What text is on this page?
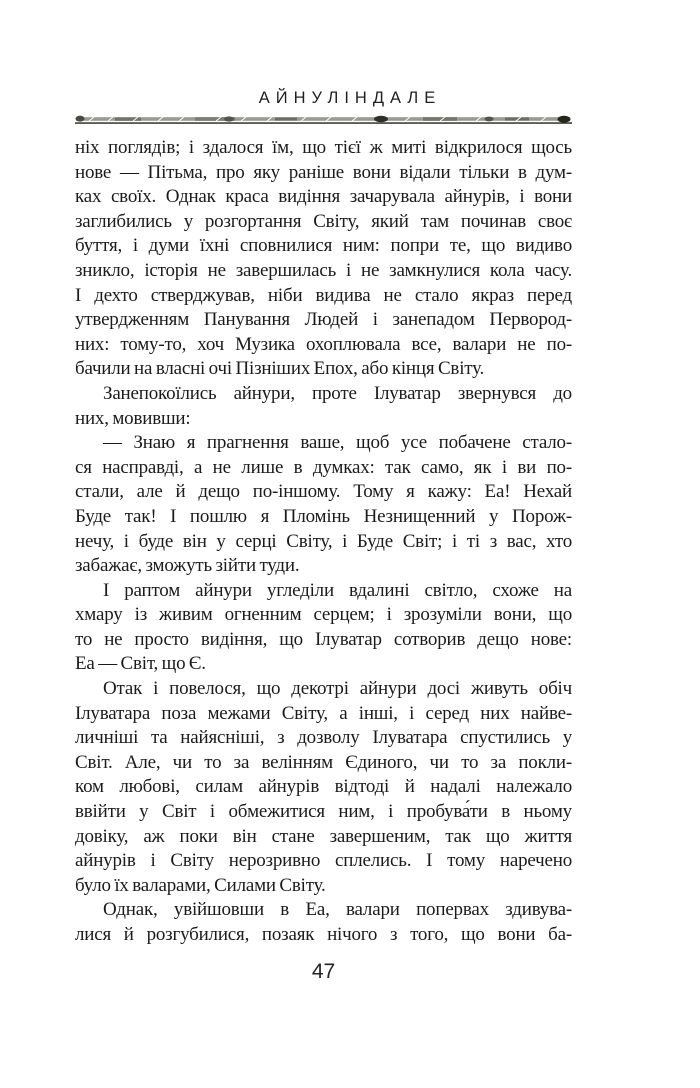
АЙНУЛІНДАЛЕ
ніх поглядів; і здалося їм, що тієї ж миті відкрилося щось
нове — Пітьма, про яку раніше вони відали тільки в дум-
ках своїх. Однак краса видіння зачарувала айнурів, і вони
заглибились у розгортання Світу, який там починав своє
буття, і думи їхні сповнилися ним: попри те, що видиво
зникло, історія не завершилась і не замкнулися кола часу.
І дехто стверджував, ніби видива не стало якраз перед
утвердженням Панування Людей і занепадом Первород-
них: тому-то, хоч Музика охоплювала все, валари не по-
бачили на власні очі Пізніших Епох, або кінця Світу.
Занепокоїлись айнури, проте Ілуватар звернувся до
них, мовивши:
— Знаю я прагнення ваше, щоб усе побачене стало-
ся насправді, а не лише в думках: так само, як і ви по-
стали, але й дещо по-іншому. Тому я кажу: Еа! Нехай
Буде так! І пошлю я Пломінь Незнищенний у Порож-
нечу, і буде він у серці Світу, і Буде Світ; і ті з вас, хто
забажає, зможуть зійти туди.
І раптом айнури угледіли вдалині світло, схоже на
хмару із живим огненним серцем; і зрозуміли вони, що
то не просто видіння, що Ілуватар сотворив дещо нове:
Еа — Світ, що Є.
Отак і повелося, що декотрі айнури досі живуть обіч
Ілуватара поза межами Світу, а інші, і серед них найве-
личніші та найясніші, з дозволу Ілуватара спустились у
Світ. Але, чи то за велінням Єдиного, чи то за покли-
ком любові, силам айнурів відтоді й надалі належало
ввійти у Світ і обмежитися ним, і пробува́ти в ньому
довіку, аж поки він стане завершеним, так що життя
айнурів і Світу нерозривно сплелись. І тому наречено
було їх валарами, Силами Світу.
Однак, увійшовши в Еа, валари попервах здивува-
лися й розгубилися, позаяк нічого з того, що вони ба-
47
